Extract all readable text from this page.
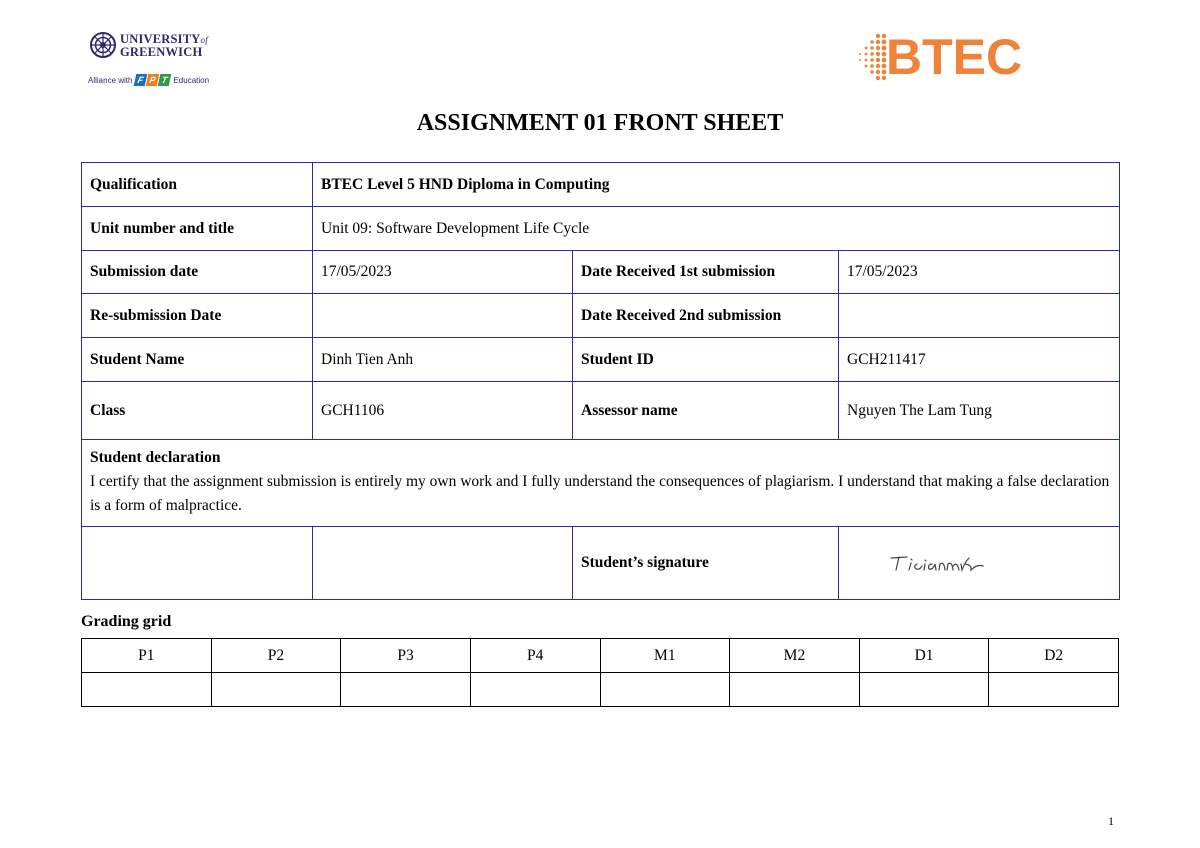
UNIVERSITYof
GREENWICH
Alliance with F P T Education	BTEC
ASSIGNMENT 01 FRONT SHEET
Qualification	BTEC Level 5 HND Diploma in Computing		
Unit number and title	Unit 09: Software Development Life Cycle		
Submission date	17/05/2023	Date Received 1st submission	17/05/2023
Re-submission Date		Date Received 2nd submission	
Student Name	Dinh Tien Anh	Student ID	GCH211417
Class	GCH1106	Assessor name	Nguyen The Lam Tung

Student declaration
I certify that the assignment submission is entirely my own work and I fully understand the consequences of plagiarism. I understand that making a false declaration is a form of malpractice.			
		Student’s signature	
Grading grid
P1	P2	P3	P4	M1	M2	D1	D2

1
